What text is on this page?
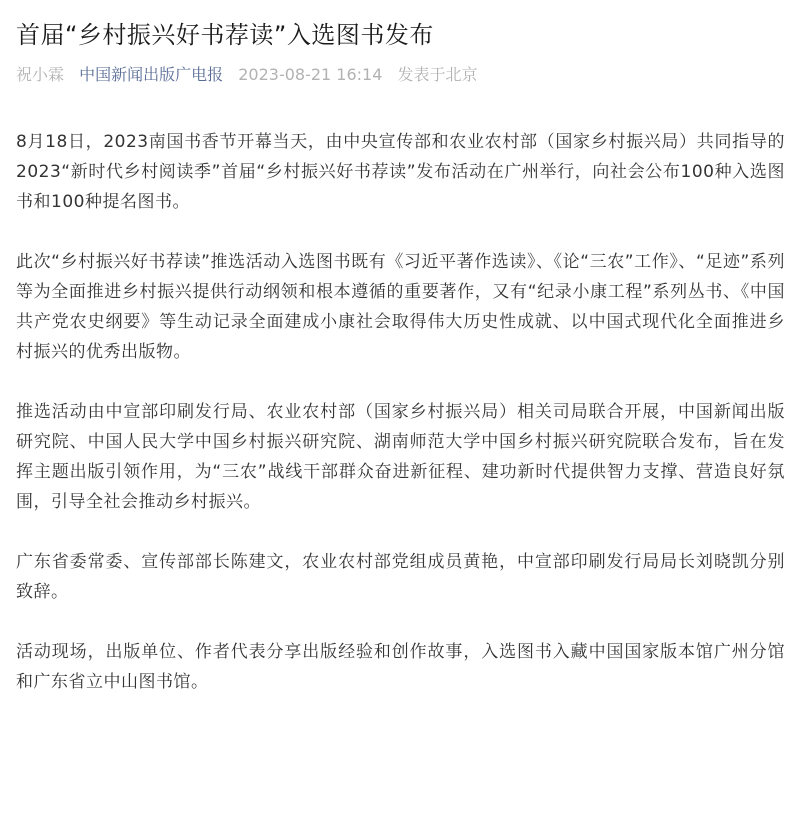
首届“乡村振兴好书荐读”入选图书发布
祝小霖 中国新闻出版广电报 2023-08-21 16:14 发表于北京

8月18日，2023南国书香节开幕当天，由中央宣传部和农业农村部（国家乡村振兴局）共同指导的2023“新时代乡村阅读季”首届“乡村振兴好书荐读”发布活动在广州举行，向社会公布100种入选图书和100种提名图书。

此次“乡村振兴好书荐读”推选活动入选图书既有《习近平著作选读》、《论“三农”工作》、“足迹”系列等为全面推进乡村振兴提供行动纲领和根本遵循的重要著作，又有“纪录小康工程”系列丛书、《中国共产党农史纲要》等生动记录全面建成小康社会取得伟大历史性成就、以中国式现代化全面推进乡村振兴的优秀出版物。

推选活动由中宣部印刷发行局、农业农村部（国家乡村振兴局）相关司局联合开展，中国新闻出版研究院、中国人民大学中国乡村振兴研究院、湖南师范大学中国乡村振兴研究院联合发布，旨在发挥主题出版引领作用，为“三农”战线干部群众奋进新征程、建功新时代提供智力支撑、营造良好氛围，引导全社会推动乡村振兴。

广东省委常委、宣传部部长陈建文，农业农村部党组成员黄艳，中宣部印刷发行局局长刘晓凯分别致辞。

活动现场，出版单位、作者代表分享出版经验和创作故事，入选图书入藏中国国家版本馆广州分馆和广东省立中山图书馆。
